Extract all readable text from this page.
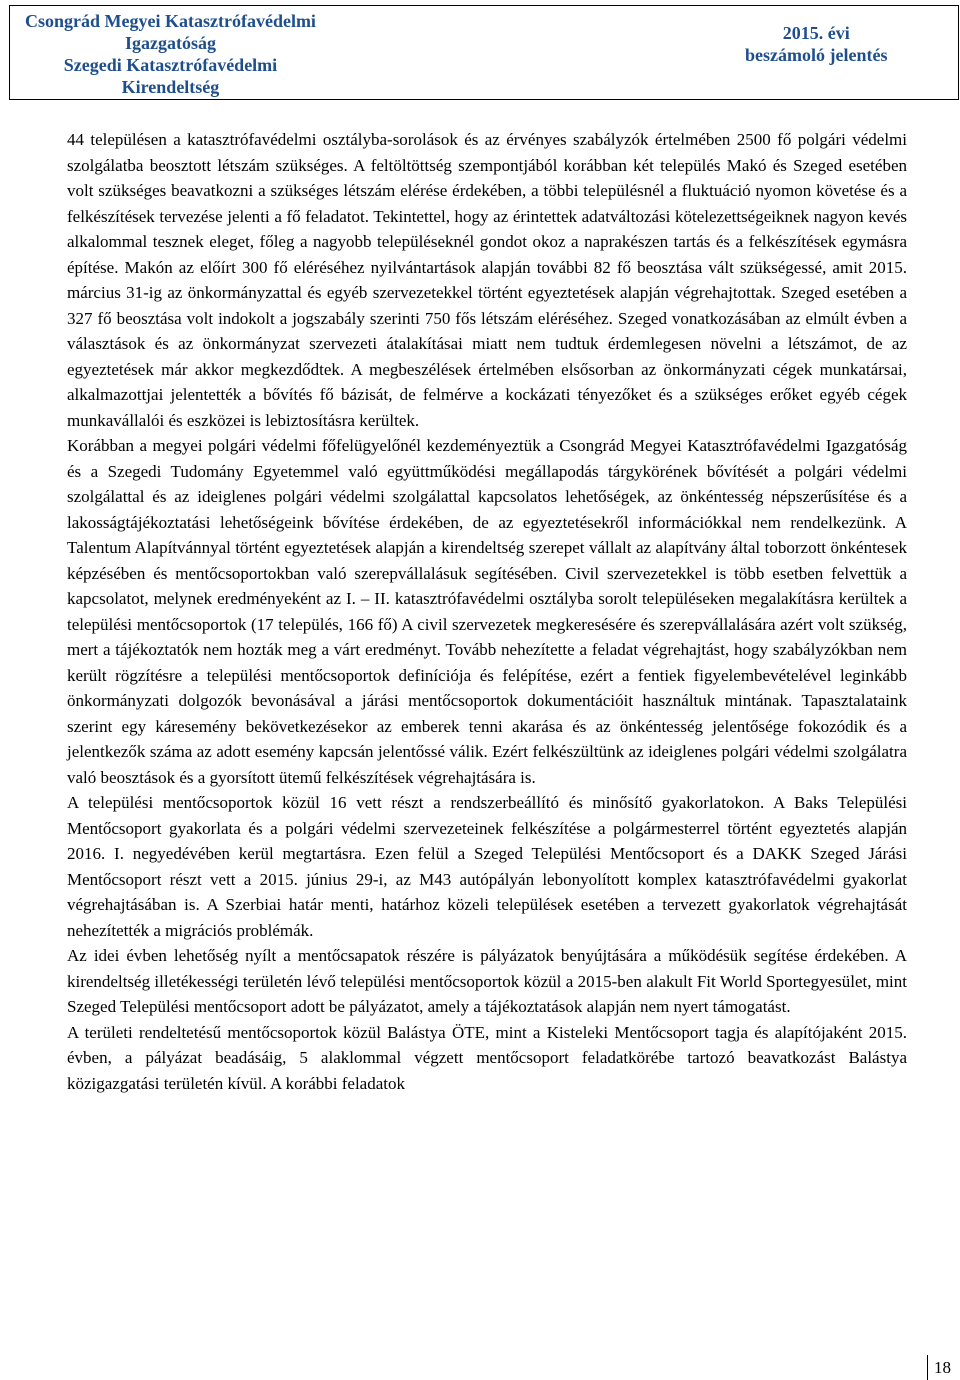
Csongrád Megyei Katasztrófavédelmi
Igazgatóság
Szegedi Katasztrófavédelmi
Kirendeltség
2015. évi
beszámoló jelentés

44 településen a katasztrófavédelmi osztályba-sorolások és az érvényes szabályzók értelmében 2500 fő polgári védelmi szolgálatba beosztott létszám szükséges. A feltöltöttség szempontjából korábban két település Makó és Szeged esetében volt szükséges beavatkozni a szükséges létszám elérése érdekében, a többi településnél a fluktuáció nyomon követése és a felkészítések tervezése jelenti a fő feladatot. Tekintettel, hogy az érintettek adatváltozási kötelezettségeiknek nagyon kevés alkalommal tesznek eleget, főleg a nagyobb településeknél gondot okoz a naprakészen tartás és a felkészítések egymásra építése. Makón az előírt 300 fő eléréséhez nyilvántartások alapján további 82 fő beosztása vált szükségessé, amit 2015. március 31-ig az önkormányzattal és egyéb szervezetekkel történt egyeztetések alapján végrehajtottak. Szeged esetében a 327 fő beosztása volt indokolt a jogszabály szerinti 750 fős létszám eléréséhez. Szeged vonatkozásában az elmúlt évben a választások és az önkormányzat szervezeti átalakításai miatt nem tudtuk érdemlegesen növelni a létszámot, de az egyeztetések már akkor megkezdődtek. A megbeszélések értelmében elsősorban az önkormányzati cégek munkatársai, alkalmazottjai jelentették a bővítés fő bázisát, de felmérve a kockázati tényezőket és a szükséges erőket egyéb cégek munkavállalói és eszközei is lebiztosításra kerültek.

Korábban a megyei polgári védelmi főfelügyelőnél kezdeményeztük a Csongrád Megyei Katasztrófavédelmi Igazgatóság és a Szegedi Tudomány Egyetemmel való együttműködési megállapodás tárgykörének bővítését a polgári védelmi szolgálattal és az ideiglenes polgári védelmi szolgálattal kapcsolatos lehetőségek, az önkéntesség népszerűsítése és a lakosságtájékoztatási lehetőségeink bővítése érdekében, de az egyeztetésekről információkkal nem rendelkezünk. A Talentum Alapítvánnyal történt egyeztetések alapján a kirendeltség szerepet vállalt az alapítvány által toborzott önkéntesek képzésében és mentőcsoportokban való szerepvállalásuk segítésében. Civil szervezetekkel is több esetben felvettük a kapcsolatot, melynek eredményeként az I. – II. katasztrófavédelmi osztályba sorolt településeken megalakításra kerültek a települési mentőcsoportok (17 település, 166 fő) A civil szervezetek megkeresésére és szerepvállalására azért volt szükség, mert a tájékoztatók nem hozták meg a várt eredményt. Tovább nehezítette a feladat végrehajtást, hogy szabályzókban nem került rögzítésre a települési mentőcsoportok definíciója és felépítése, ezért a fentiek figyelembevételével leginkább önkormányzati dolgozók bevonásával a járási mentőcsoportok dokumentációit használtuk mintának. Tapasztalataink szerint egy káresemény bekövetkezésekor az emberek tenni akarása és az önkéntesség jelentősége fokozódik és a jelentkezők száma az adott esemény kapcsán jelentőssé válik. Ezért felkészültünk az ideiglenes polgári védelmi szolgálatra való beosztások és a gyorsított ütemű felkészítések végrehajtására is.

A települési mentőcsoportok közül 16 vett részt a rendszerbeállító és minősítő gyakorlatokon. A Baks Települési Mentőcsoport gyakorlata és a polgári védelmi szervezeteinek felkészítése a polgármesterrel történt egyeztetés alapján 2016. I. negyedévében kerül megtartásra. Ezen felül a Szeged Települési Mentőcsoport és a DAKK Szeged Járási Mentőcsoport részt vett a 2015. június 29-i, az M43 autópályán lebonyolított komplex katasztrófavédelmi gyakorlat végrehajtásában is. A Szerbiai határ menti, határhoz közeli települések esetében a tervezett gyakorlatok végrehajtását nehezítették a migrációs problémák.

Az idei évben lehetőség nyílt a mentőcsapatok részére is pályázatok benyújtására a működésük segítése érdekében. A kirendeltség illetékességi területén lévő települési mentőcsoportok közül a 2015-ben alakult Fit World Sportegyesület, mint Szeged Települési mentőcsoport adott be pályázatot, amely a tájékoztatások alapján nem nyert támogatást.

A területi rendeltetésű mentőcsoportok közül Balástya ÖTE, mint a Kisteleki Mentőcsoport tagja és alapítójaként 2015. évben, a pályázat beadásáig, 5 alaklommal végzett mentőcsoport feladatkörébe tartozó beavatkozást Balástya közigazgatási területén kívül. A korábbi feladatok

18
